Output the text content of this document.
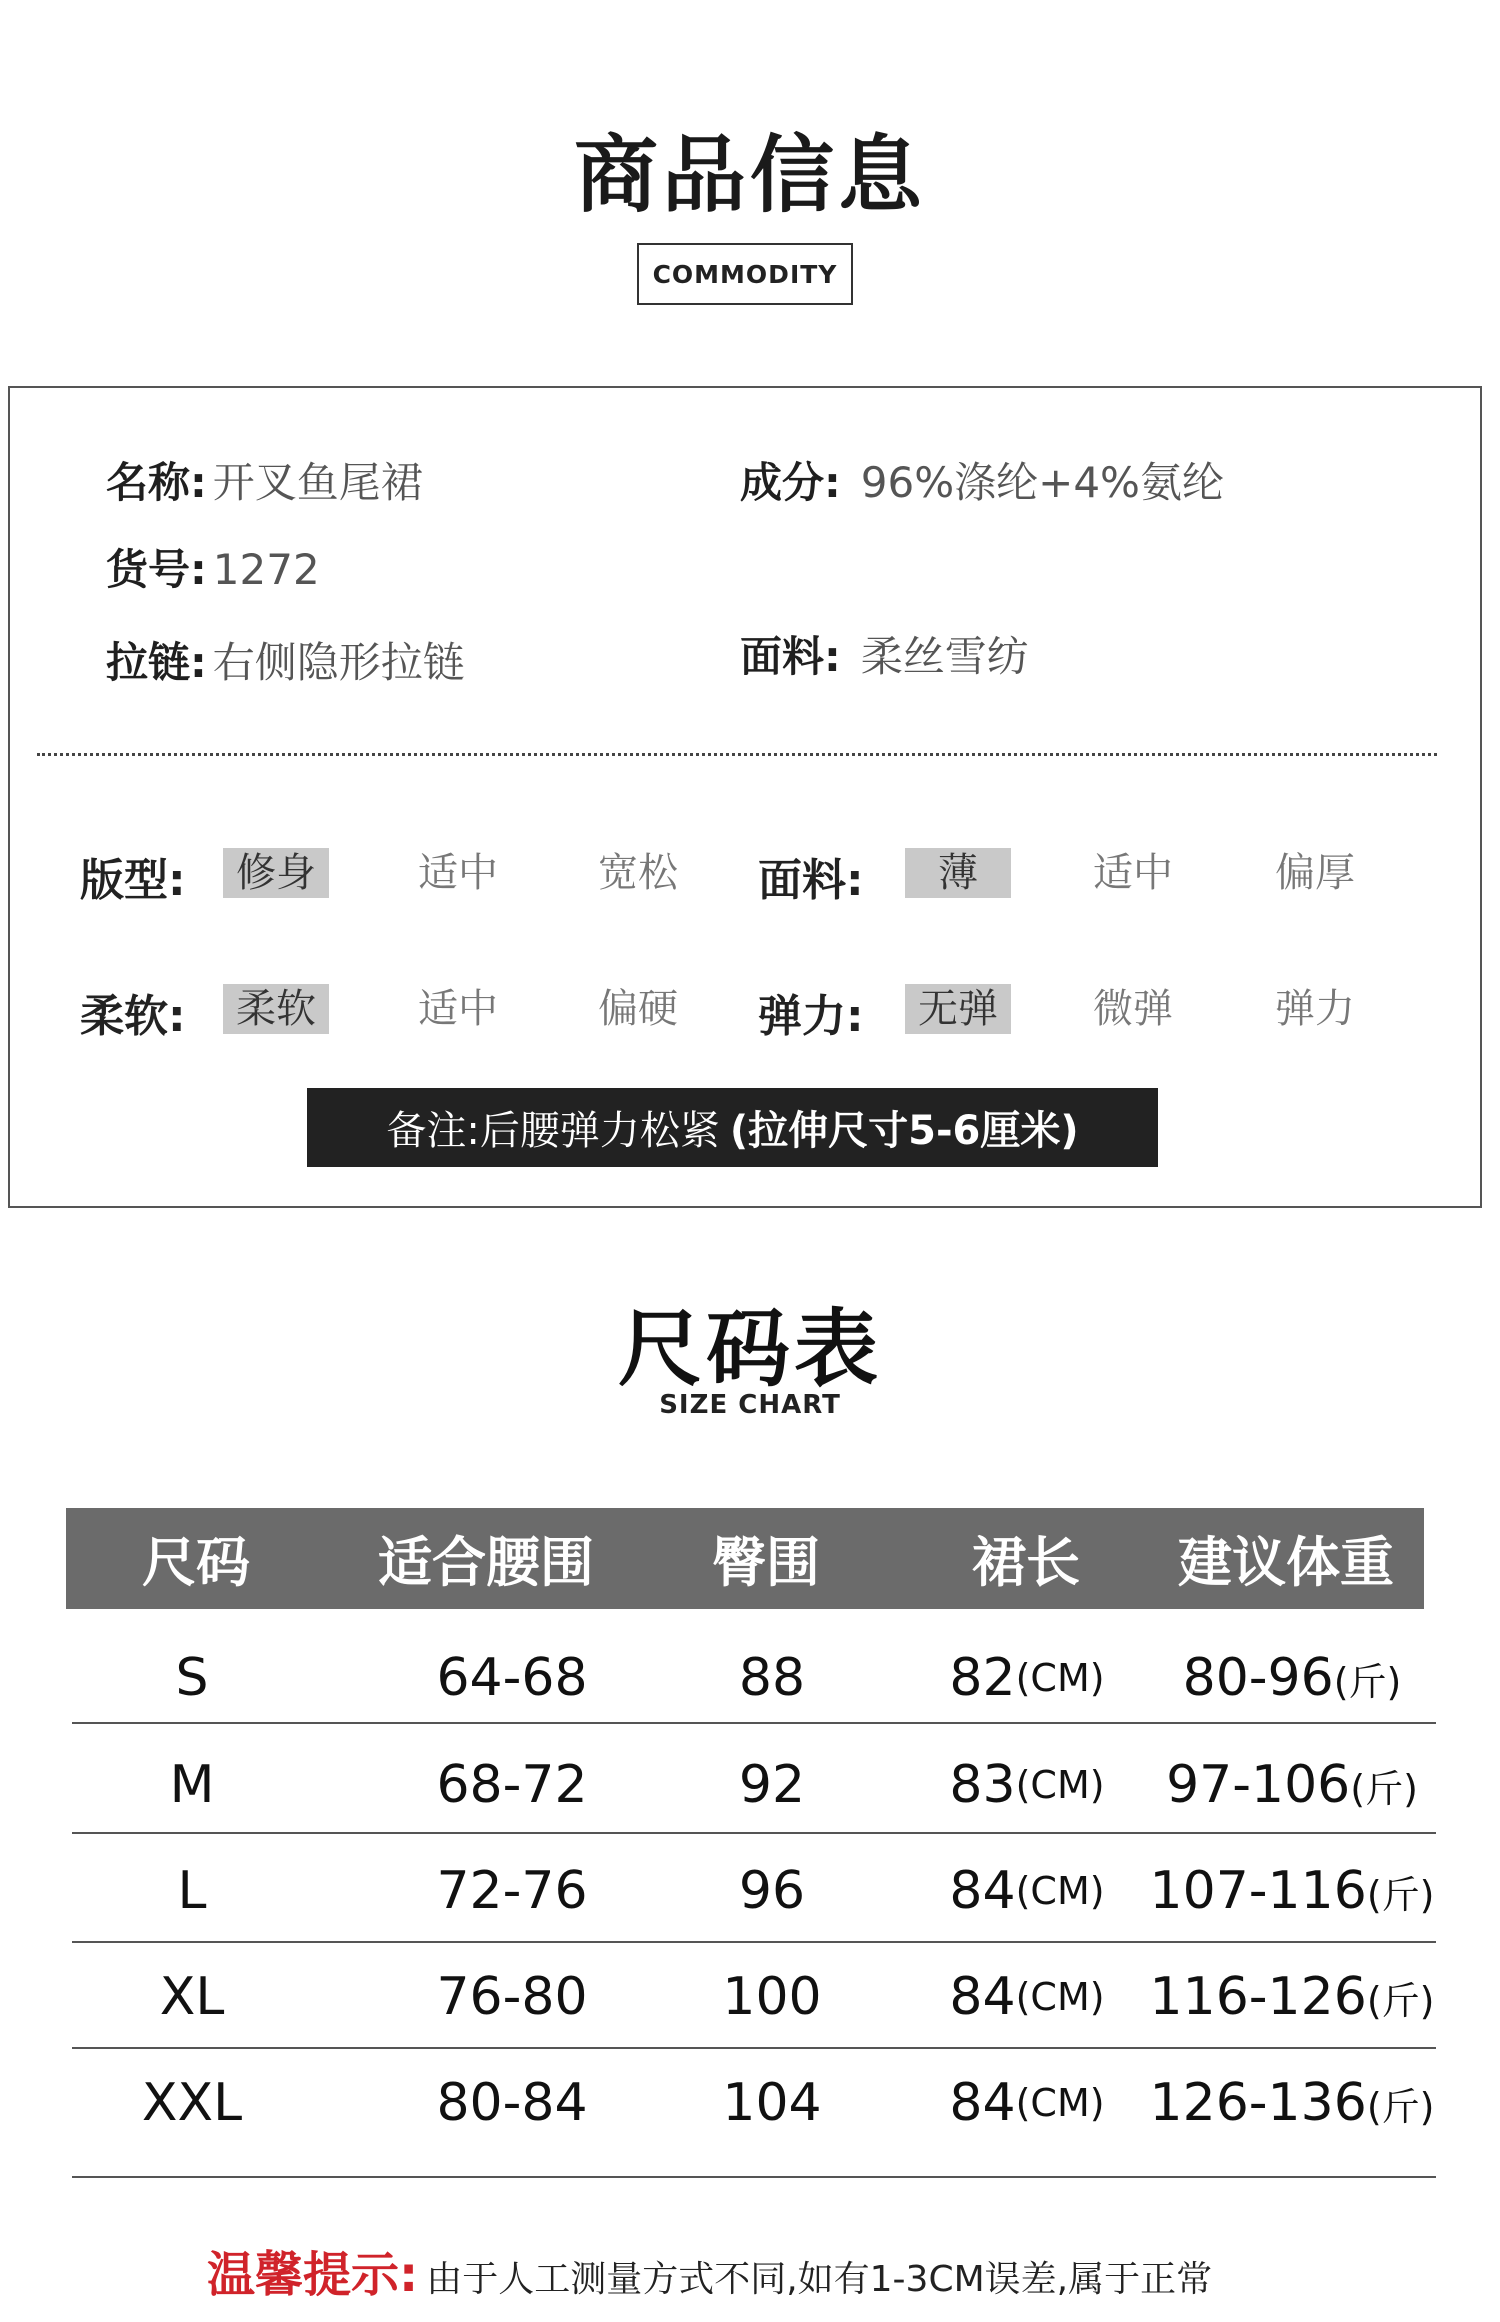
商品信息
COMMODITY
名称: 开叉鱼尾裙
货号: 1272
拉链: 右侧隐形拉链
成分: 96%涤纶+4%氨纶
面料: 柔丝雪纺
版型:	修身	适中	宽松 面料:	薄	适中	偏厚
柔软:	柔软	适中	偏硬 弹力:	无弹	微弹	弹力
备注:后腰弹力松紧 (拉伸尺寸5-6厘米)
尺码表
SIZE CHART
尺码	适合腰围	臀围	裙长	建议体重
S	64-68	88	82 (CM) 80-96 (斤)
M	68-72	92	83 (CM) 97-106 (斤)
L	72-76	96	84 (CM) 107-116 (斤)
XL	76-80	100	84 (CM) 116-126 (斤)
XXL	80-84	104	84 (CM) 126-136 (斤)
温馨提示: 由于人工测量方式不同,如有1-3CM误差,属于正常
